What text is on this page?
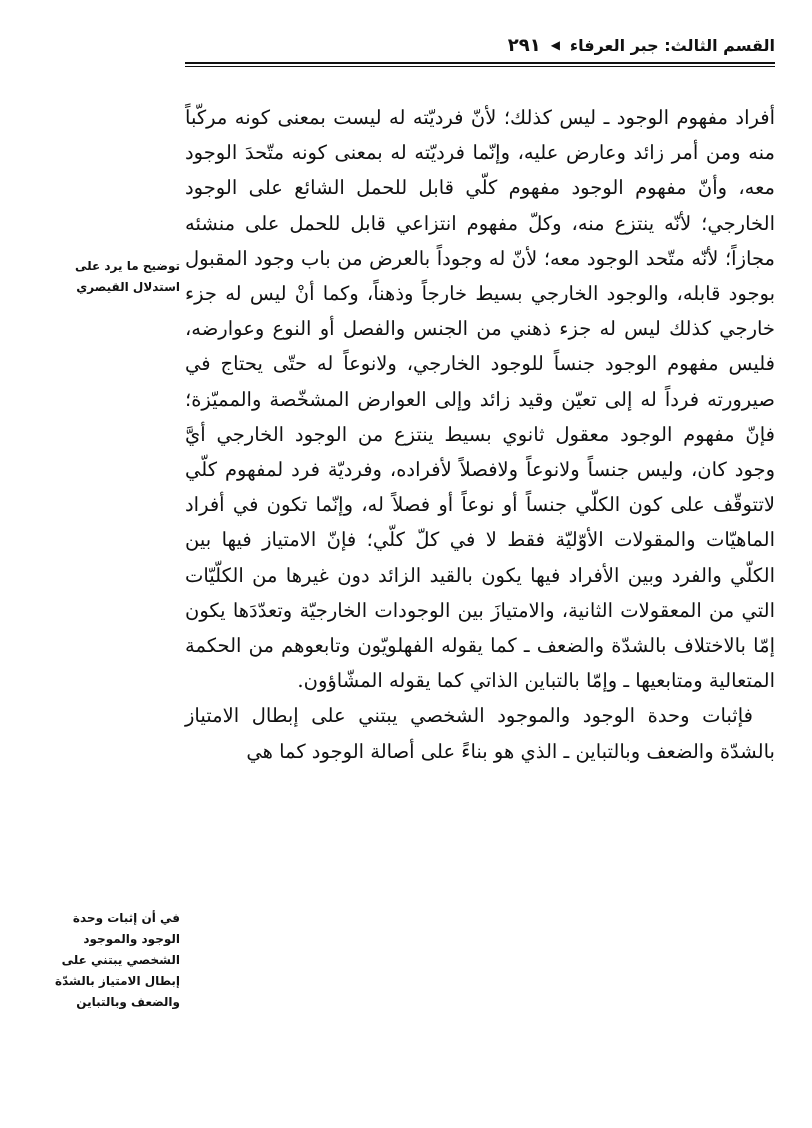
القسم الثالث: جبر العرفاء
◀
٢٩١

أفراد مفهوم الوجود ـ ليس كذلك؛ لأنّ فرديّته له ليست بمعنى كونه مركّباً منه ومن أمر زائد وعارض عليه، وإنّما فرديّته له بمعنى كونه متّحدَ الوجود معه، وأنّ مفهوم الوجود مفهوم كلّي قابل للحمل الشائع على الوجود الخارجي؛ لأنّه ينتزع منه، وكلّ مفهوم انتزاعي قابل للحمل على منشئه مجازاً؛ لأنّه متّحد الوجود معه؛ لأنّ له وجوداً بالعرض من باب وجود المقبول بوجود قابله، والوجود الخارجي بسيط خارجاً وذهناً، وكما أنْ ليس له جزء خارجي كذلك ليس له جزء ذهني من الجنس والفصل أو النوع وعوارضه، فليس مفهوم الوجود جنساً للوجود الخارجي، ولانوعاً له حتّى يحتاج في صيرورته فرداً له إلى تعيّن وقيد زائد وإلى العوارض المشخّصة والمميّزة؛ فإنّ مفهوم الوجود معقول ثانوي بسيط ينتزع من الوجود الخارجي أيَّ وجود كان، وليس جنساً ولانوعاً ولافصلاً لأفراده، وفرديّة فرد لمفهوم كلّي لاتتوقّف على كون الكلّي جنساً أو نوعاً أو فصلاً له، وإنّما تكون في أفراد الماهيّات والمقولات الأوّليّة فقط لا في كلّ كلّي؛ فإنّ الامتياز فيها بين الكلّي والفرد وبين الأفراد فيها يكون بالقيد الزائد دون غيرها من الكلّيّات التي من المعقولات الثانية، والامتيازَ بين الوجودات الخارجيّة وتعدّدَها يكون إمّا بالاختلاف بالشدّة والضعف ـ كما يقوله الفهلويّون وتابعوهم من الحكمة المتعالية ومتابعيها ـ وإمّا بالتباين الذاتي كما يقوله المشّاؤون.

فإثبات وحدة الوجود والموجود الشخصي يبتني على إبطال الامتياز بالشدّة والضعف وبالتباين ـ الذي هو بناءً على أصالة الوجود كما هي

توضيح ما يرد على استدلال القيصري
في أن إثبات وحدة الوجود والموجود الشخصي يبتني على إبطال الامتياز بالشدّة والضعف وبالتباين
